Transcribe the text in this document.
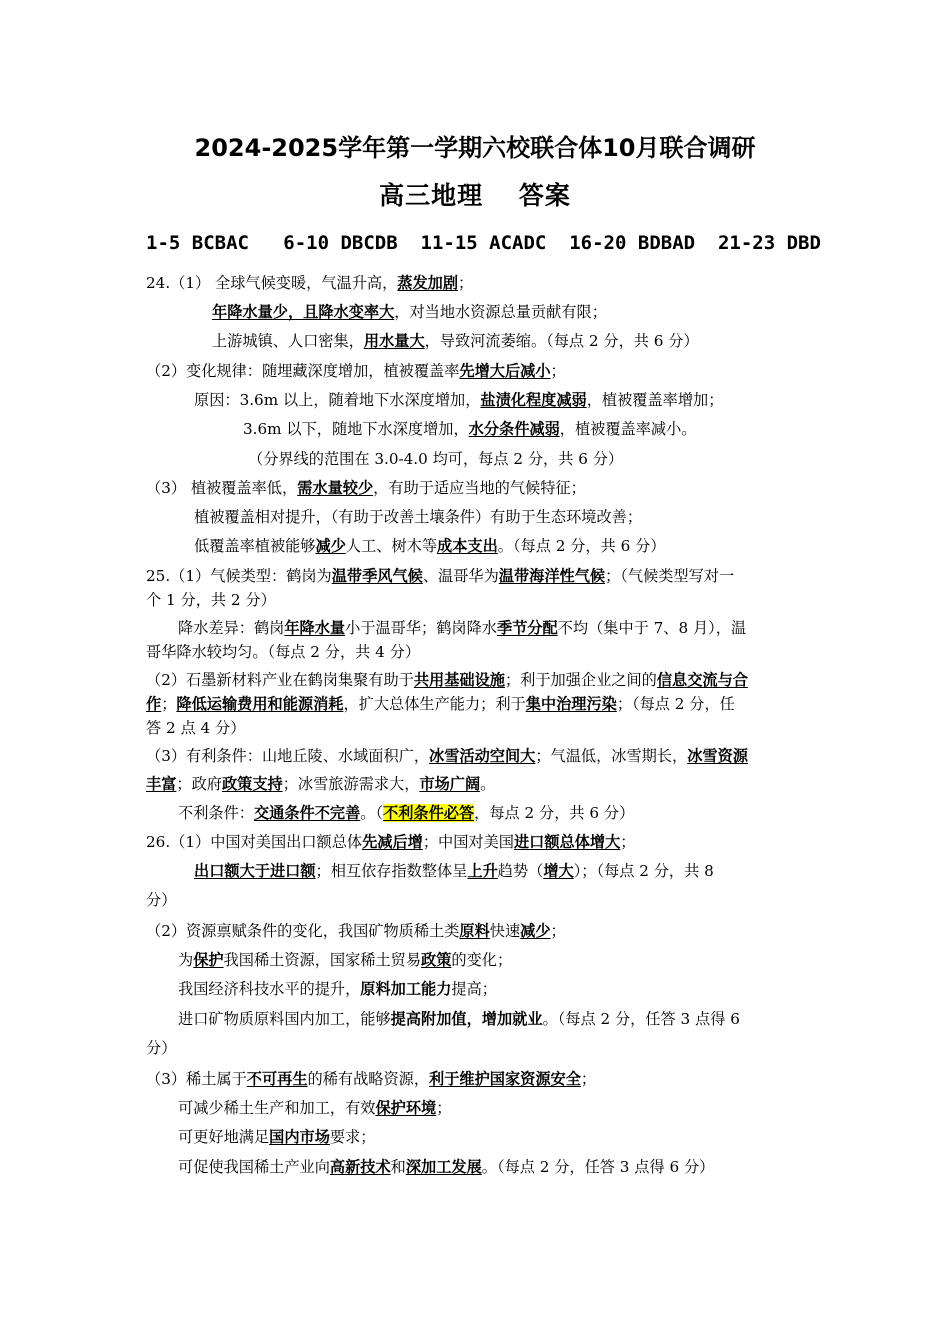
2024-2025学年第一学期六校联合体10月联合调研
高三地理　 答案
1-5 BCBAC   6-10 DBCDB  11-15 ACADC  16-20 BDBAD  21-23 DBD
24.（1） 全球气候变暖，气温升高，蒸发加剧；
年降水量少，且降水变率大，对当地水资源总量贡献有限；
上游城镇、人口密集，用水量大，导致河流萎缩。（每点 2 分，共 6 分）
（2）变化规律：随埋藏深度增加，植被覆盖率先增大后减小；
原因：3.6m 以上，随着地下水深度增加，盐渍化程度减弱，植被覆盖率增加；
3.6m 以下，随地下水深度增加，水分条件减弱，植被覆盖率减小。
（分界线的范围在 3.0-4.0 均可，每点 2 分，共 6 分）
（3） 植被覆盖率低，需水量较少，有助于适应当地的气候特征；
植被覆盖相对提升，（有助于改善土壤条件）有助于生态环境改善；
低覆盖率植被能够减少人工、树木等成本支出。（每点 2 分，共 6 分）
25.（1）气候类型：鹤岗为温带季风气候、温哥华为温带海洋性气候；（气候类型写对一
个 1 分，共 2 分）
降水差异：鹤岗年降水量小于温哥华；鹤岗降水季节分配不均（集中于 7、8 月），温
哥华降水较均匀。（每点 2 分，共 4 分）
（2）石墨新材料产业在鹤岗集聚有助于共用基础设施；利于加强企业之间的信息交流与合
作；降低运输费用和能源消耗，扩大总体生产能力；利于集中治理污染；（每点 2 分，任
答 2 点 4 分）
（3）有利条件：山地丘陵、水域面积广，冰雪活动空间大；气温低，冰雪期长，冰雪资源
丰富；政府政策支持；冰雪旅游需求大，市场广阔。
不利条件：交通条件不完善。（不利条件必答，每点 2 分，共 6 分）
26.（1）中国对美国出口额总体先减后增；中国对美国进口额总体增大；
出口额大于进口额；相互依存指数整体呈上升趋势（增大）；（每点 2 分，共 8
分）
（2）资源禀赋条件的变化，我国矿物质稀土类原料快速减少；
为保护我国稀土资源，国家稀土贸易政策的变化；
我国经济科技水平的提升，原料加工能力提高；
进口矿物质原料国内加工，能够提高附加值，增加就业。（每点 2 分，任答 3 点得 6
分）
（3）稀土属于不可再生的稀有战略资源，利于维护国家资源安全；
可减少稀土生产和加工，有效保护环境；
可更好地满足国内市场要求；
可促使我国稀土产业向高新技术和深加工发展。（每点 2 分，任答 3 点得 6 分）
